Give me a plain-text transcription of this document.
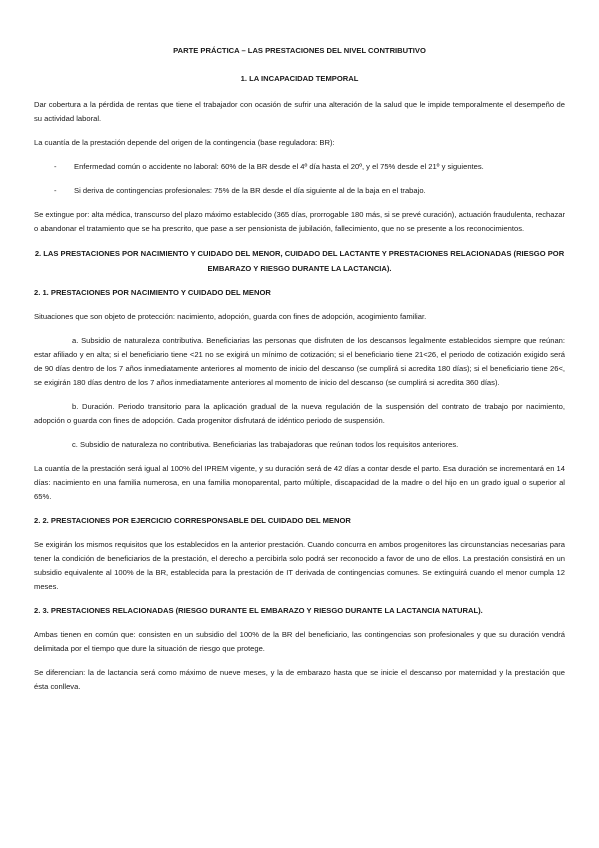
PARTE PRÁCTICA – LAS PRESTACIONES DEL NIVEL CONTRIBUTIVO
1. LA INCAPACIDAD TEMPORAL

Dar cobertura a la pérdida de rentas que tiene el trabajador con ocasión de sufrir una alteración de la salud que le impide temporalmente el desempeño de su actividad laboral.

La cuantía de la prestación depende del origen de la contingencia (base reguladora: BR):

- Enfermedad común o accidente no laboral: 60% de la BR desde el 4º día hasta el 20º, y el 75% desde el 21º y siguientes.
- Si deriva de contingencias profesionales: 75% de la BR desde el día siguiente al de la baja en el trabajo.

Se extingue por: alta médica, transcurso del plazo máximo establecido (365 días, prorrogable 180 más, si se prevé curación), actuación fraudulenta, rechazar o abandonar el tratamiento que se ha prescrito, que pase a ser pensionista de jubilación, fallecimiento, que no se presente a los reconocimientos.

2. LAS PRESTACIONES POR NACIMIENTO Y CUIDADO DEL MENOR, CUIDADO DEL LACTANTE Y PRESTACIONES RELACIONADAS (RIESGO POR EMBARAZO Y RIESGO DURANTE LA LACTANCIA).
2. 1. PRESTACIONES POR NACIMIENTO Y CUIDADO DEL MENOR

Situaciones que son objeto de protección: nacimiento, adopción, guarda con fines de adopción, acogimiento familiar.

a. Subsidio de naturaleza contributiva. Beneficiarias las personas que disfruten de los descansos legalmente establecidos siempre que reúnan: estar afiliado y en alta; si el beneficiario tiene <21 no se exigirá un mínimo de cotización; si el beneficiario tiene 21<26, el periodo de cotización exigido será de 90 días dentro de los 7 años inmediatamente anteriores al momento de inicio del descanso (se cumplirá si acredita 180 días); si el beneficiario tiene 26<, se exigirán 180 días dentro de los 7 años inmediatamente anteriores al momento de inicio del descanso (se cumplirá si acredita 360 días).

b. Duración. Periodo transitorio para la aplicación gradual de la nueva regulación de la suspensión del contrato de trabajo por nacimiento, adopción o guarda con fines de adopción. Cada progenitor disfrutará de idéntico periodo de suspensión.

c. Subsidio de naturaleza no contributiva. Beneficiarias las trabajadoras que reúnan todos los requisitos anteriores.

La cuantía de la prestación será igual al 100% del IPREM vigente, y su duración será de 42 días a contar desde el parto. Esa duración se incrementará en 14 días: nacimiento en una familia numerosa, en una familia monoparental, parto múltiple, discapacidad de la madre o del hijo en un grado igual o superior al 65%.

2. 2. PRESTACIONES POR EJERCICIO CORRESPONSABLE DEL CUIDADO DEL MENOR

Se exigirán los mismos requisitos que los establecidos en la anterior prestación. Cuando concurra en ambos progenitores las circunstancias necesarias para tener la condición de beneficiarios de la prestación, el derecho a percibirla solo podrá ser reconocido a favor de uno de ellos. La prestación consistirá en un subsidio equivalente al 100% de la BR, establecida para la prestación de IT derivada de contingencias comunes. Se extinguirá cuando el menor cumpla 12 meses.

2. 3. PRESTACIONES RELACIONADAS (RIESGO DURANTE EL EMBARAZO Y RIESGO DURANTE LA LACTANCIA NATURAL).

Ambas tienen en común que: consisten en un subsidio del 100% de la BR del beneficiario, las contingencias son profesionales y que su duración vendrá delimitada por el tiempo que dure la situación de riesgo que protege.

Se diferencian: la de lactancia será como máximo de nueve meses, y la de embarazo hasta que se inicie el descanso por maternidad y la prestación que ésta conlleva.
